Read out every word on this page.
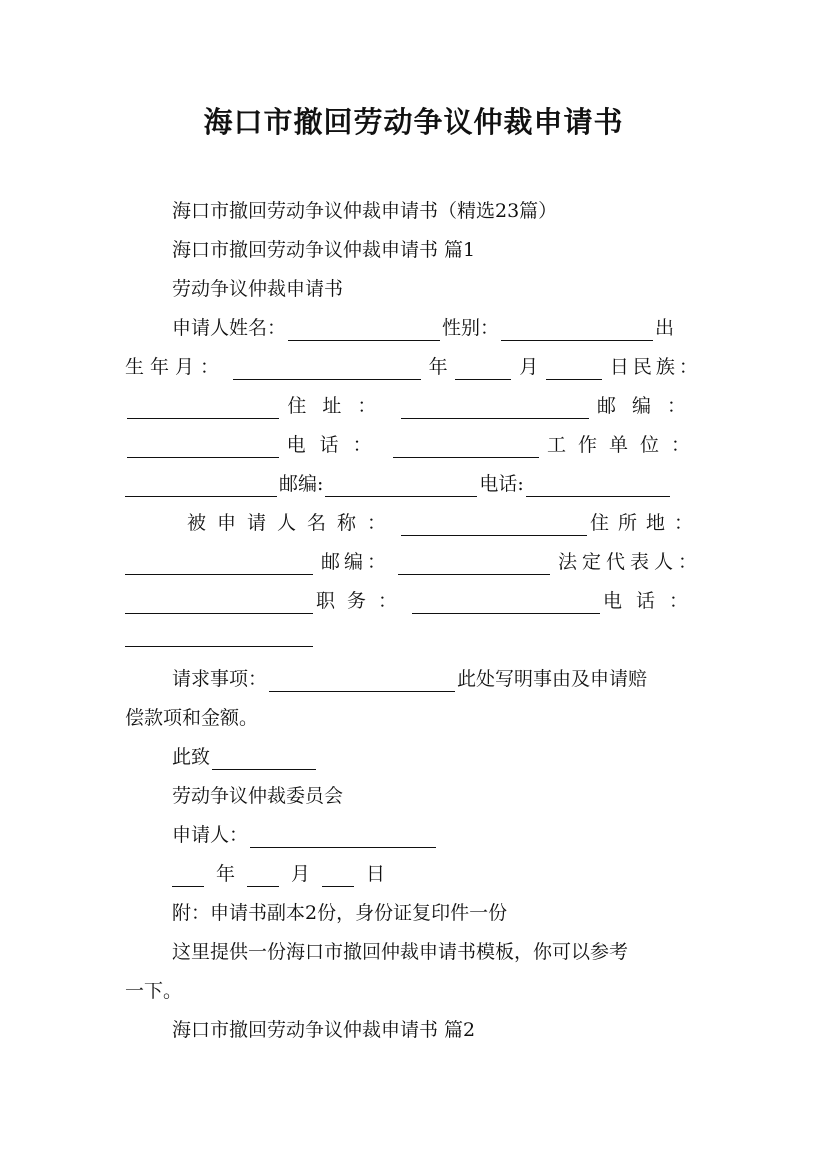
海口市撤回劳动争议仲裁申请书
海口市撤回劳动争议仲裁申请书（精选23篇）
海口市撤回劳动争议仲裁申请书 篇1
劳动争议仲裁申请书
申请人姓名：	性别：	出
生年月：	年	月	日民族：
住址：	邮编：
电话：	工作单位：
邮编:	电话:
被申请人名称：	住所地：
邮编：	法定代表人：
职务：	电话：
请求事项：	此处写明事由及申请赔
偿款项和金额。
此致
劳动争议仲裁委员会
申请人：
年	月	日
附：申请书副本2份，身份证复印件一份
这里提供一份海口市撤回仲裁申请书模板，你可以参考
一下。
海口市撤回劳动争议仲裁申请书 篇2
